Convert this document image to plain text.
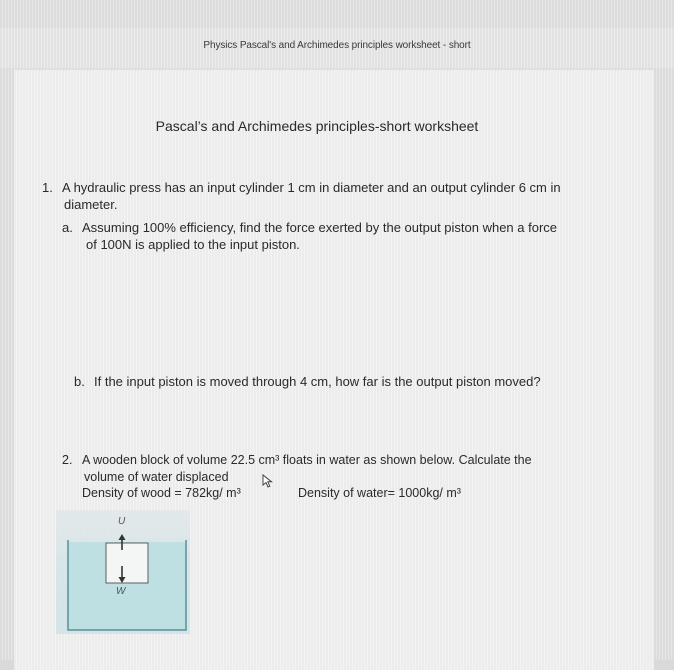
Physics Pascal's and Archimedes principles worksheet - short
Pascal’s and Archimedes principles-short worksheet
1. A hydraulic press has an input cylinder 1 cm in diameter and an output cylinder 6 cm in
diameter.
a. Assuming 100% efficiency, find the force exerted by the output piston when a force
of 100N is applied to the input piston.
b. If the input piston is moved through 4 cm, how far is the output piston moved?
2. A wooden block of volume 22.5 cm³ floats in water as shown below. Calculate the
volume of water displaced
Density of wood = 782kg/ m³	Density of water= 1000kg/ m³
U
W
